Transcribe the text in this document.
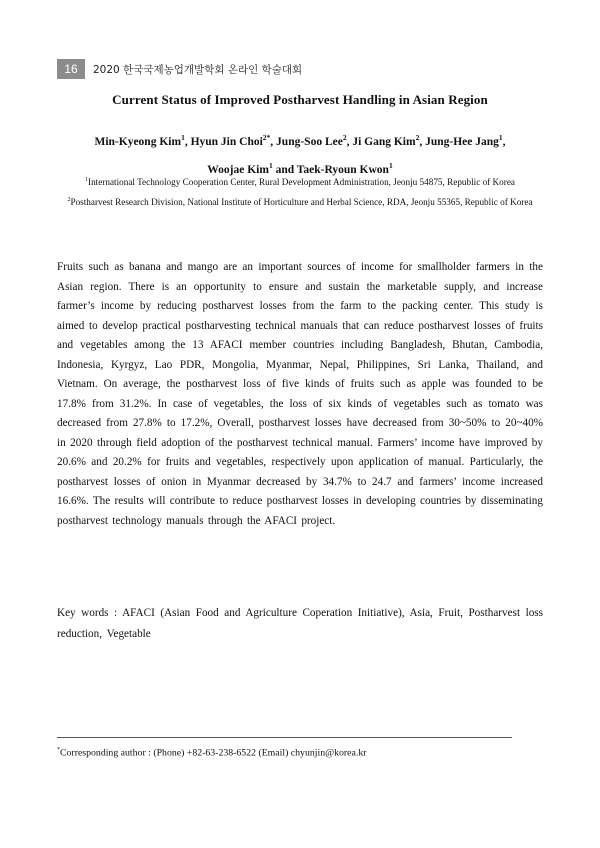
16	2020 한국국제농업개발학회 온라인 학술대회
Current Status of Improved Postharvest Handling in Asian Region
Min-Kyeong Kim$^1$, Hyun Jin Choi$^{2*}$, Jung-Soo Lee$^2$, Ji Gang Kim$^2$, Jung-Hee Jang$^1$,
Woojae Kim$^1$ and Taek-Ryoun Kwon$^1$
$^1$International Technology Cooperation Center, Rural Development Administration, Jeonju 54875, Republic of Korea
$^2$Postharvest Research Division, National Institute of Horticulture and Herbal Science, RDA, Jeonju 55365, Republic of Korea

Fruits such as banana and mango are an important sources of income for smallholder farmers in the Asian region. There is an opportunity to ensure and sustain the marketable supply, and increase farmer’s income by reducing postharvest losses from the farm to the packing center. This study is aimed to develop practical postharvesting technical manuals that can reduce postharvest losses of fruits and vegetables among the 13 AFACI member countries including Bangladesh, Bhutan, Cambodia, Indonesia, Kyrgyz, Lao PDR, Mongolia, Myanmar, Nepal, Philippines, Sri Lanka, Thailand, and Vietnam. On average, the postharvest loss of five kinds of fruits such as apple was founded to be 17.8% from 31.2%. In case of vegetables, the loss of six kinds of vegetables such as tomato was decreased from 27.8% to 17.2%, Overall, postharvest losses have decreased from 30~50% to 20~40% in 2020 through field adoption of the postharvest technical manual. Farmers’ income have improved by 20.6% and 20.2% for fruits and vegetables, respectively upon application of manual. Particularly, the postharvest losses of onion in Myanmar decreased by 34.7% to 24.7 and farmers’ income increased 16.6%. The results will contribute to reduce postharvest losses in developing countries by disseminating postharvest technology manuals through the AFACI project.

Key words : AFACI (Asian Food and Agriculture Coperation Initiative), Asia, Fruit, Postharvest loss reduction, Vegetable

*Corresponding author : (Phone) +82-63-238-6522 (Email) chyunjin@korea.kr
